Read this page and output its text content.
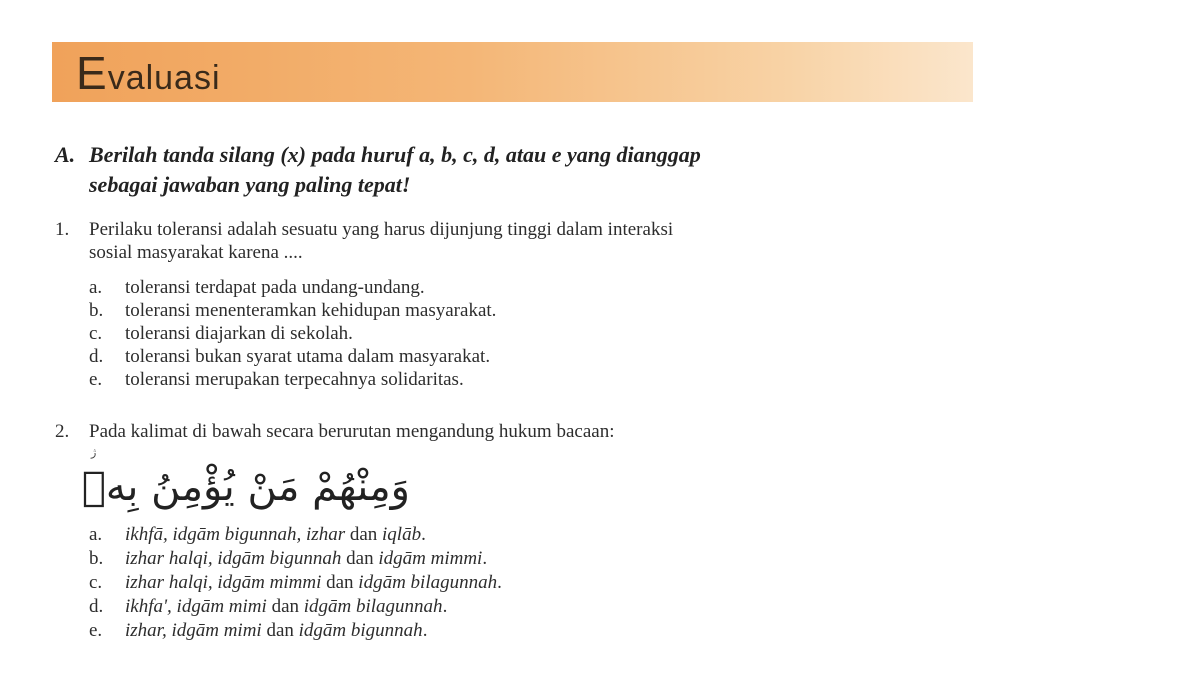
Evaluasi
A. Berilah tanda silang (x) pada huruf a, b, c, d, atau e yang dianggap
sebagai jawaban yang paling tepat!
1. Perilaku toleransi adalah sesuatu yang harus dijunjung tinggi dalam interaksi
sosial masyarakat karena ....
a. toleransi terdapat pada undang-undang.
b. toleransi menenteramkan kehidupan masyarakat.
c. toleransi diajarkan di sekolah.
d. toleransi bukan syarat utama dalam masyarakat.
e. toleransi merupakan terpecahnya solidaritas.
2. Pada kalimat di bawah secara berurutan mengandung hukum bacaan:
ﮊ
وَمِنْهُمْ مَنْ يُؤْمِنُ بِهٖ
a. ikhfā, idgām bigunnah, izhar dan iqlāb.
b. izhar halqi, idgām bigunnah dan idgām mimmi.
c. izhar halqi, idgām mimmi dan idgām bilagunnah.
d. ikhfa', idgām mimi dan idgām bilagunnah.
e. izhar, idgām mimi dan idgām bigunnah.
